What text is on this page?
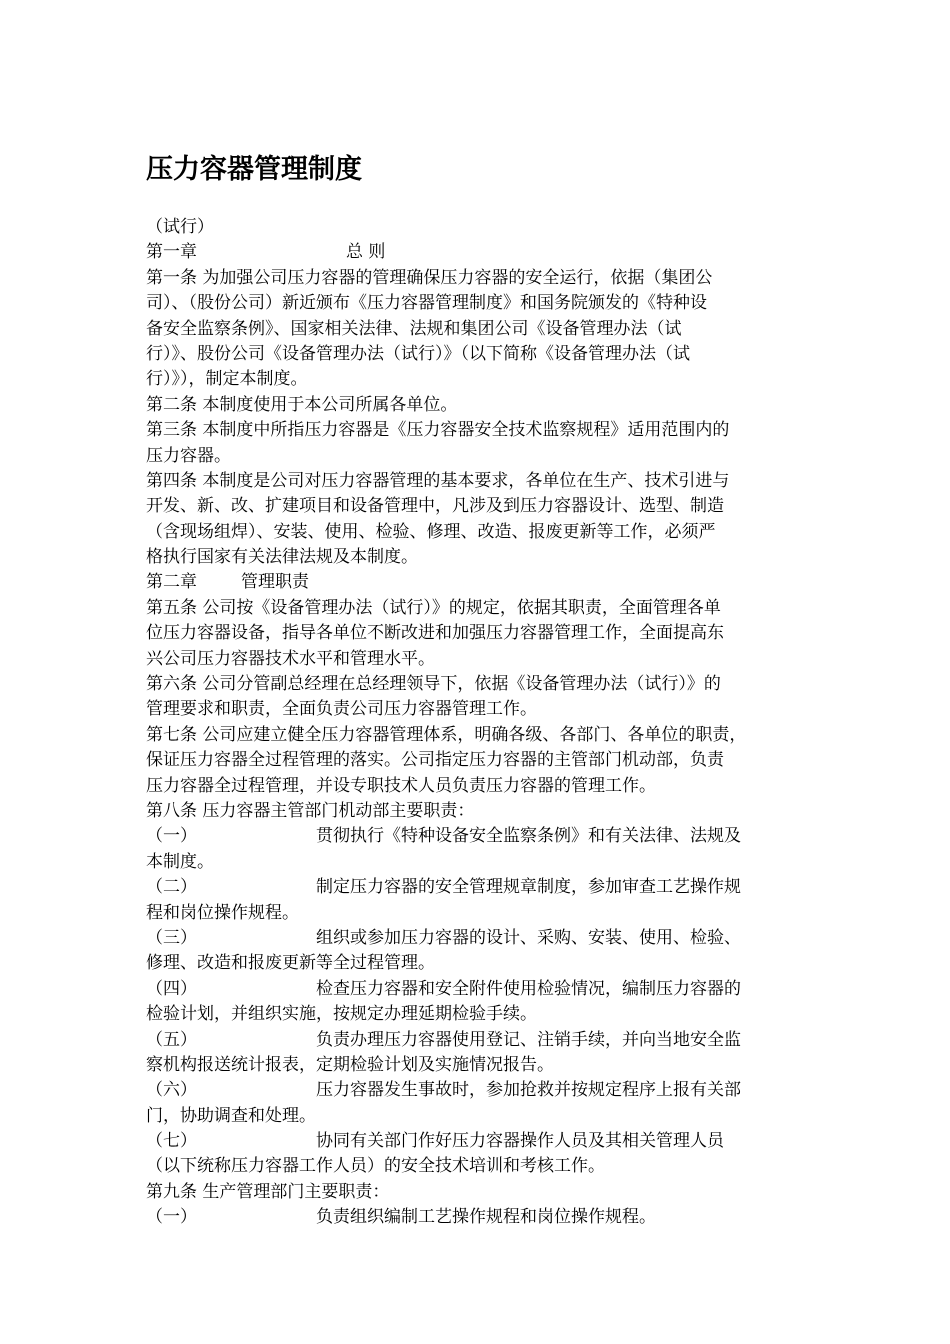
压力容器管理制度
（试行）
第一章	总 则
第一条 为加强公司压力容器的管理确保压力容器的安全运行，依据（集团公
司）、（股份公司）新近颁布《压力容器管理制度》和国务院颁发的《特种设
备安全监察条例》、国家相关法律、法规和集团公司《设备管理办法（试
行）》、股份公司《设备管理办法（试行）》（以下简称《设备管理办法（试
行）》），制定本制度。
第二条 本制度使用于本公司所属各单位。
第三条 本制度中所指压力容器是《压力容器安全技术监察规程》适用范围内的
压力容器。
第四条 本制度是公司对压力容器管理的基本要求，各单位在生产、技术引进与
开发、新、改、扩建项目和设备管理中，凡涉及到压力容器设计、选型、制造
（含现场组焊）、安装、使用、检验、修理、改造、报废更新等工作，必须严
格执行国家有关法律法规及本制度。
第二章	管理职责
第五条 公司按《设备管理办法（试行）》的规定，依据其职责，全面管理各单
位压力容器设备，指导各单位不断改进和加强压力容器管理工作，全面提高东
兴公司压力容器技术水平和管理水平。
第六条 公司分管副总经理在总经理领导下，依据《设备管理办法（试行）》的
管理要求和职责，全面负责公司压力容器管理工作。
第七条 公司应建立健全压力容器管理体系，明确各级、各部门、各单位的职责，
保证压力容器全过程管理的落实。公司指定压力容器的主管部门机动部，负责
压力容器全过程管理，并设专职技术人员负责压力容器的管理工作。
第八条 压力容器主管部门机动部主要职责：
（一）	贯彻执行《特种设备安全监察条例》和有关法律、法规及
本制度。
（二）	制定压力容器的安全管理规章制度，参加审查工艺操作规
程和岗位操作规程。
（三）	组织或参加压力容器的设计、采购、安装、使用、检验、
修理、改造和报废更新等全过程管理。
（四）	检查压力容器和安全附件使用检验情况，编制压力容器的
检验计划，并组织实施，按规定办理延期检验手续。
（五）	负责办理压力容器使用登记、注销手续，并向当地安全监
察机构报送统计报表，定期检验计划及实施情况报告。
（六）	压力容器发生事故时，参加抢救并按规定程序上报有关部
门，协助调查和处理。
（七）	协同有关部门作好压力容器操作人员及其相关管理人员
（以下统称压力容器工作人员）的安全技术培训和考核工作。
第九条 生产管理部门主要职责：
（一）	负责组织编制工艺操作规程和岗位操作规程。
